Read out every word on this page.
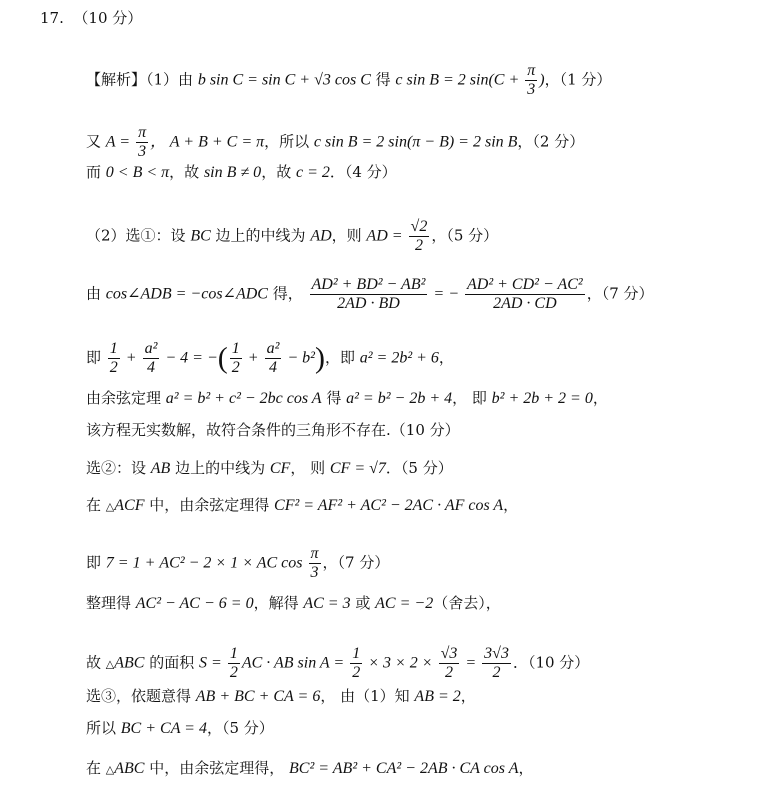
17. （10 分）
【解析】（1）由 b sin C = sin C + √3 cos C 得 c sin B = 2 $\sin(C + \frac{\pi}{3}$ )，（1 分）
又 $A = \frac{\pi}{3}$ ， A + B + C = π，所以 c sin B = 2 sin(π − B) = 2 sin B，（2 分）
而 0 < B < π，故 sin B ≠ 0，故 c = 2．（4 分）
（2）选①：设 BC 边上的中线为 AD，则 AD = $\frac{√2}{2}$ ，（5 分）
由 cos∠ADB = −cos∠ADC 得， $\frac{\text{AD² + BD² − AB²}}{2AD \cdot BD}$ = − $\frac{\text{AD² + CD² − AC²}}{2AD \cdot CD}$ ，（7 分）
即 $\frac{1}{2} + \frac{\text{a²}}{4} - 4$ = −( $\frac{1}{2} + \frac{\text{a²}}{4} - b^2$)，即 a² = 2b² + 6，
由余弦定理 a² = b² + c² − 2bc cos A 得 a² = b² − 2b + 4， 即 b² + 2b + 2 = 0，
该方程无实数解，故符合条件的三角形不存在.（10 分）
选②：设 AB 边上的中线为 CF， 则 CF = √7．（5 分）
在 △ACF 中，由余弦定理得 CF² = AF² + AC² − 2AC · AF cos A，
即 7 = 1 + AC² − 2 × 1 × AC $\cos \frac{\pi}{3}$ ，（7 分）
整理得 AC² − AC − 6 = 0，解得 AC = 3 或 AC = −2（舍去），
故 △ABC 的面积 $S = \frac{1}{2}$ AC · AB $\sin A = \frac{1}{2} \times 3 \times 2 \times \frac{√3}{2} = \frac{3√3}{2}$ ．（10 分）
选③，依题意得 AB + BC + CA = 6， 由（1）知 AB = 2，
所以 BC + CA = 4，（5 分）
在 △ABC 中，由余弦定理得， BC² = AB² + CA² − 2AB · CA cos A，
